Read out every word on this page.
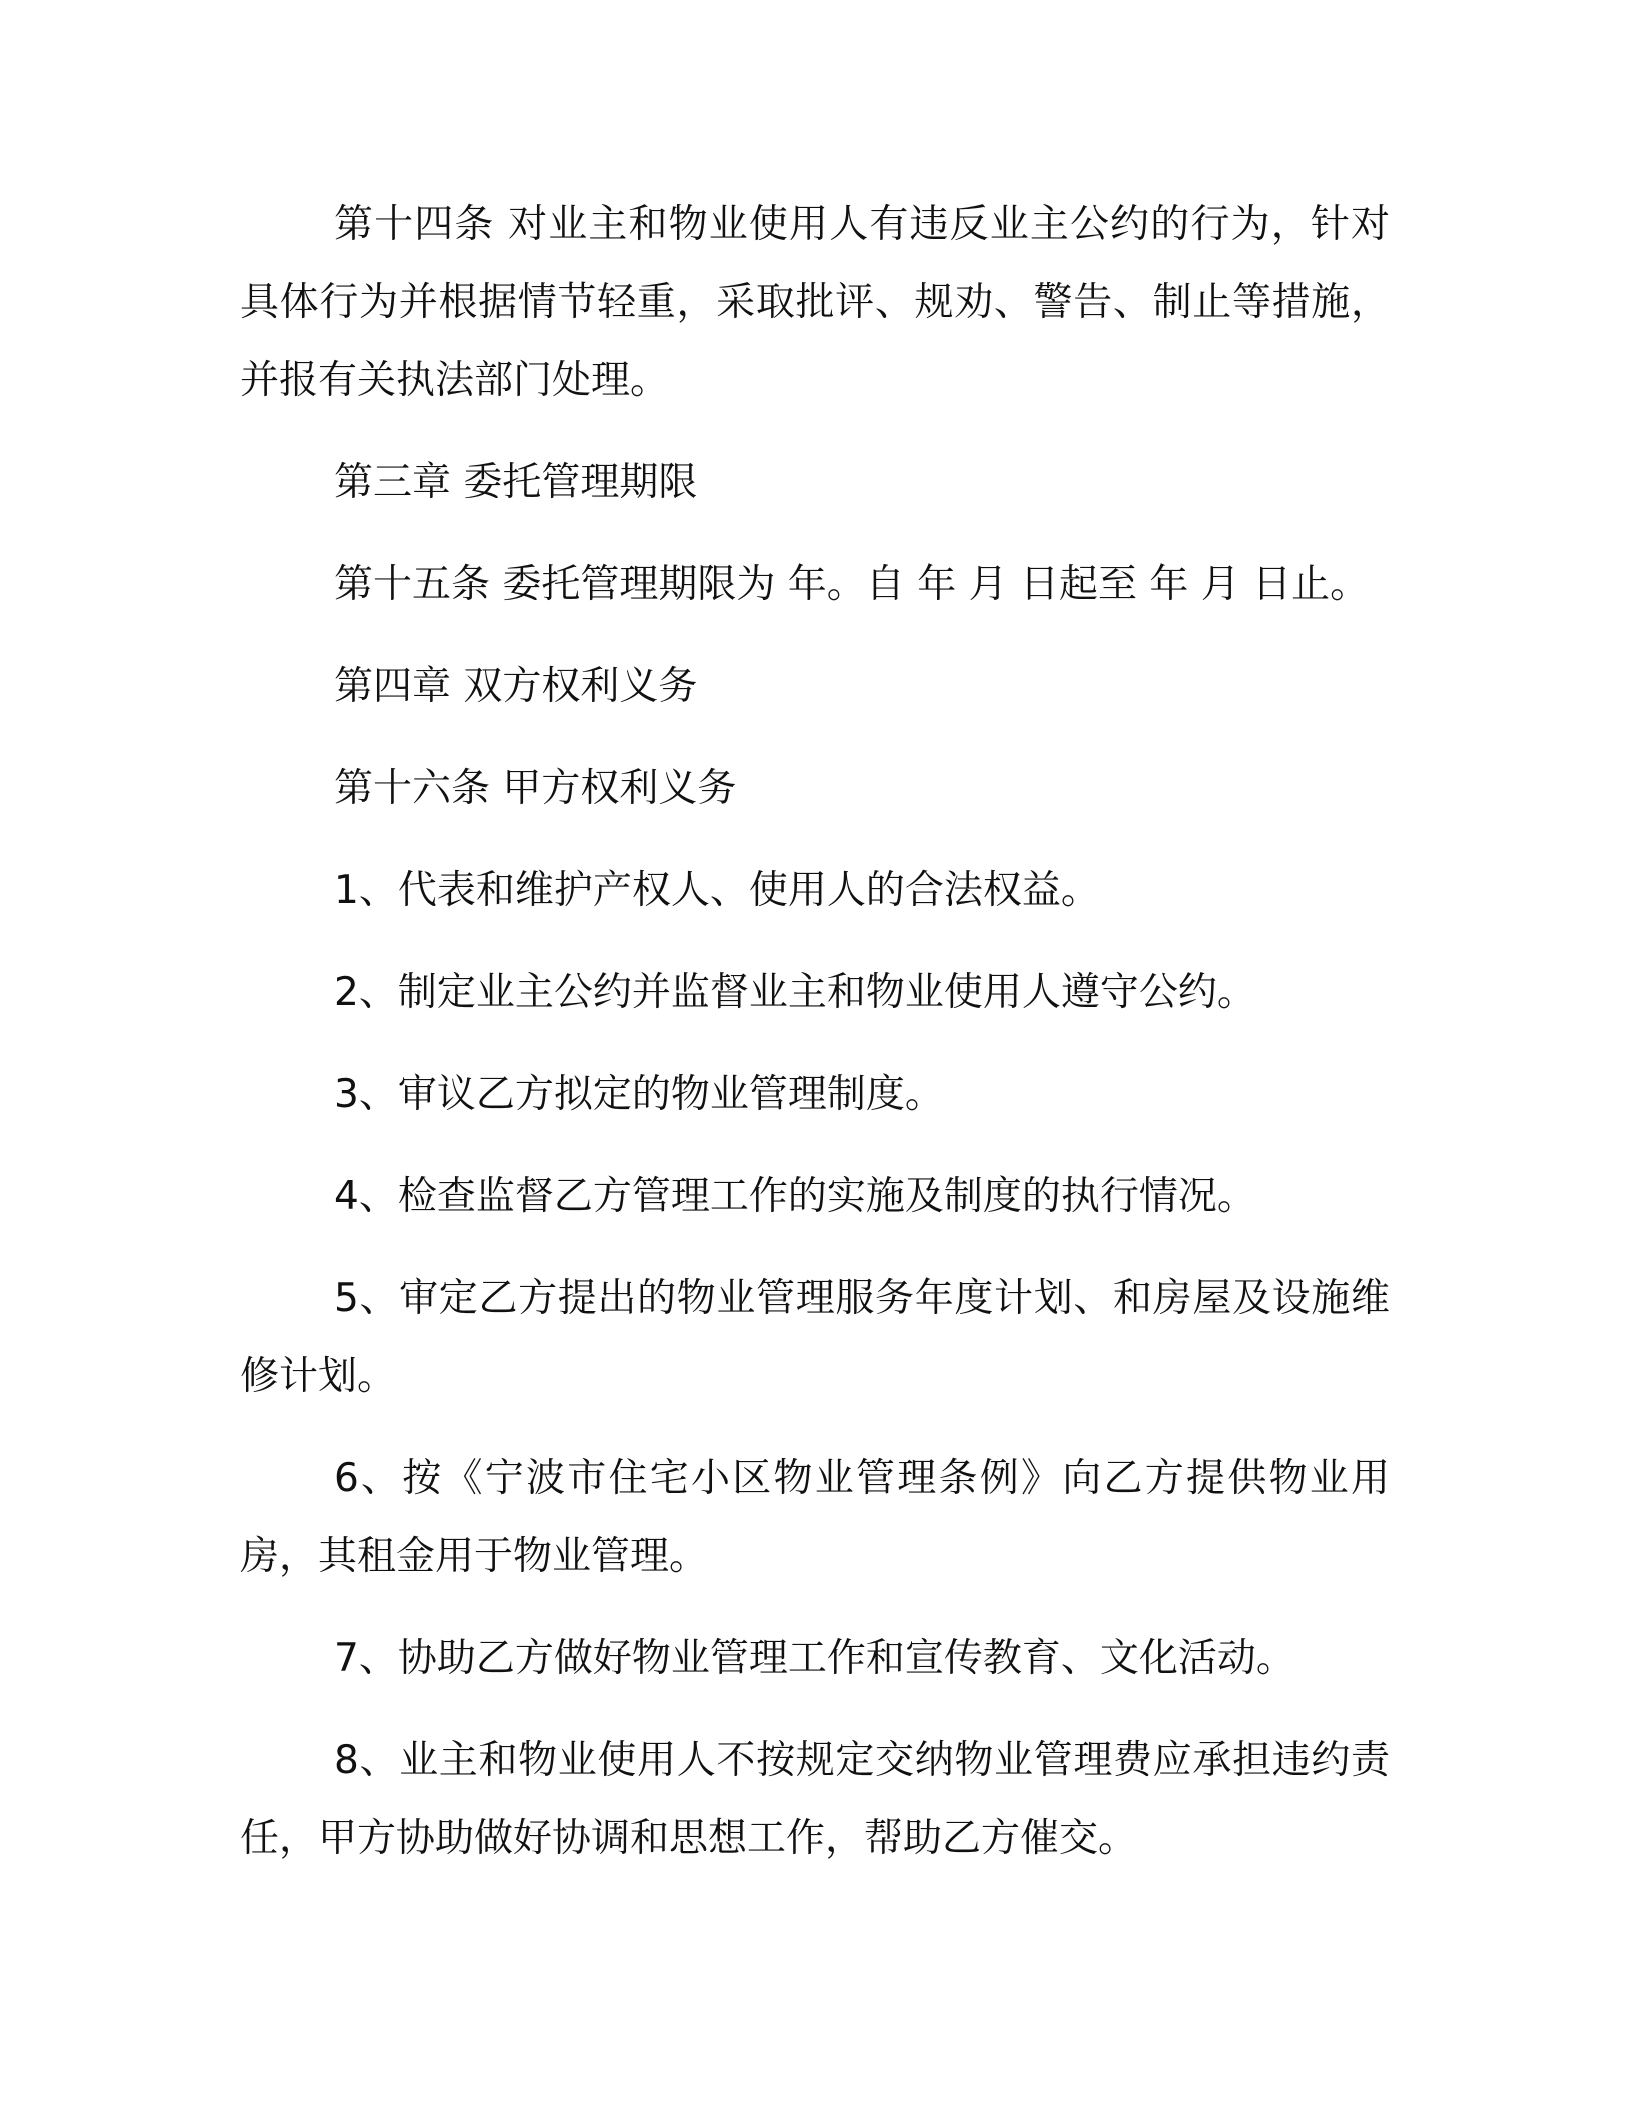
第十四条 对业主和物业使用人有违反业主公约的行为，针对具体行为并根据情节轻重，采取批评、规劝、警告、制止等措施，并报有关执法部门处理。

第三章 委托管理期限

第十五条 委托管理期限为 年。自 年 月 日起至 年 月 日止。

第四章 双方权利义务

第十六条 甲方权利义务

1、代表和维护产权人、使用人的合法权益。

2、制定业主公约并监督业主和物业使用人遵守公约。

3、审议乙方拟定的物业管理制度。

4、检查监督乙方管理工作的实施及制度的执行情况。

5、审定乙方提出的物业管理服务年度计划、和房屋及设施维修计划。

6、按《宁波市住宅小区物业管理条例》向乙方提供物业用房，其租金用于物业管理。

7、协助乙方做好物业管理工作和宣传教育、文化活动。

8、业主和物业使用人不按规定交纳物业管理费应承担违约责任，甲方协助做好协调和思想工作，帮助乙方催交。
